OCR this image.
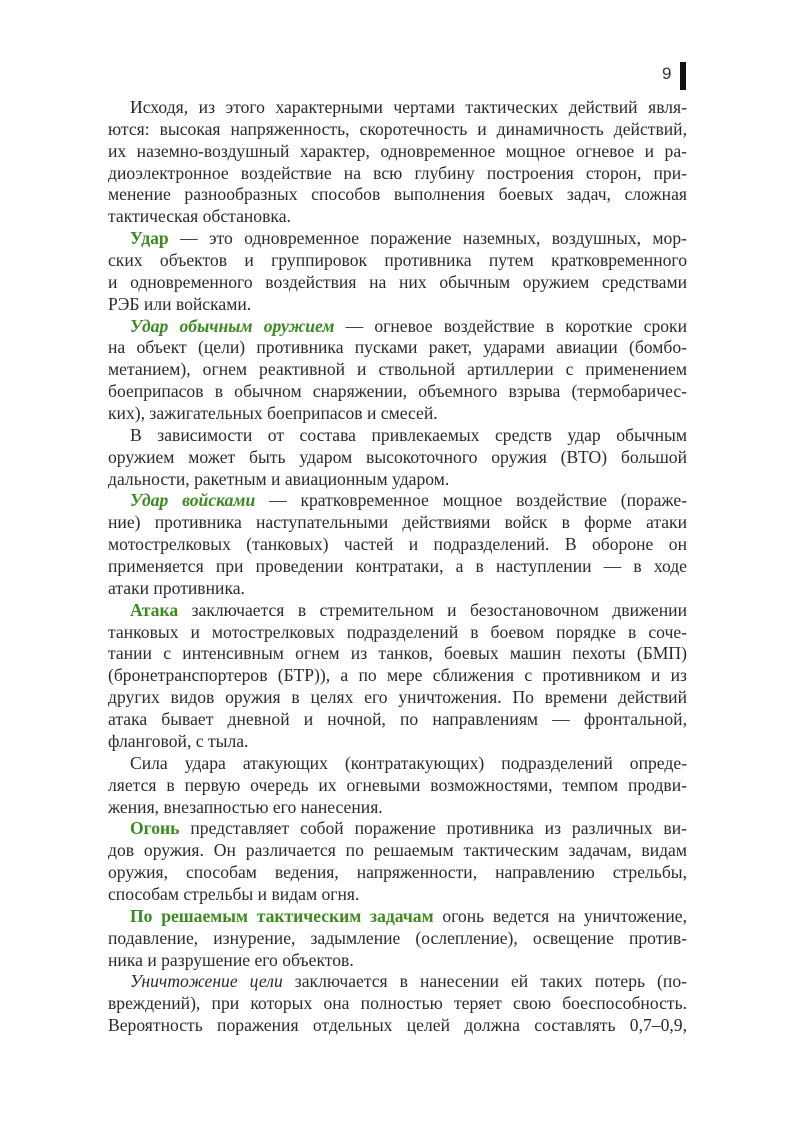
9
Исходя, из этого характерными чертами тактических действий явля-
ются: высокая напряженность, скоротечность и динамичность действий,
их наземно-воздушный характер, одновременное мощное огневое и ра-
диоэлектронное воздействие на всю глубину построения сторон, при-
менение разнообразных способов выполнения боевых задач, сложная
тактическая обстановка.
Удар — это одновременное поражение наземных, воздушных, мор-
ских объектов и группировок противника путем кратковременного
и одновременного воздействия на них обычным оружием средствами
РЭБ или войсками.
Удар обычным оружием — огневое воздействие в короткие сроки
на объект (цели) противника пусками ракет, ударами авиации (бомбо-
метанием), огнем реактивной и ствольной артиллерии с применением
боеприпасов в обычном снаряжении, объемного взрыва (термобаричес-
ких), зажигательных боеприпасов и смесей.
В зависимости от состава привлекаемых средств удар обычным
оружием может быть ударом высокоточного оружия (ВТО) большой
дальности, ракетным и авиационным ударом.
Удар войсками — кратковременное мощное воздействие (пораже-
ние) противника наступательными действиями войск в форме атаки
мотострелковых (танковых) частей и подразделений. В обороне он
применяется при проведении контратаки, а в наступлении — в ходе
атаки противника.
Атака заключается в стремительном и безостановочном движении
танковых и мотострелковых подразделений в боевом порядке в соче-
тании с интенсивным огнем из танков, боевых машин пехоты (БМП)
(бронетранспортеров (БТР)), а по мере сближения с противником и из
других видов оружия в целях его уничтожения. По времени действий
атака бывает дневной и ночной, по направлениям — фронтальной,
фланговой, с тыла.
Сила удара атакующих (контратакующих) подразделений опреде-
ляется в первую очередь их огневыми возможностями, темпом продви-
жения, внезапностью его нанесения.
Огонь представляет собой поражение противника из различных ви-
дов оружия. Он различается по решаемым тактическим задачам, видам
оружия, способам ведения, напряженности, направлению стрельбы,
способам стрельбы и видам огня.
По решаемым тактическим задачам огонь ведется на уничтожение,
подавление, изнурение, задымление (ослепление), освещение против-
ника и разрушение его объектов.
Уничтожение цели заключается в нанесении ей таких потерь (по-
вреждений), при которых она полностью теряет свою боеспособность.
Вероятность поражения отдельных целей должна составлять 0,7–0,9,
